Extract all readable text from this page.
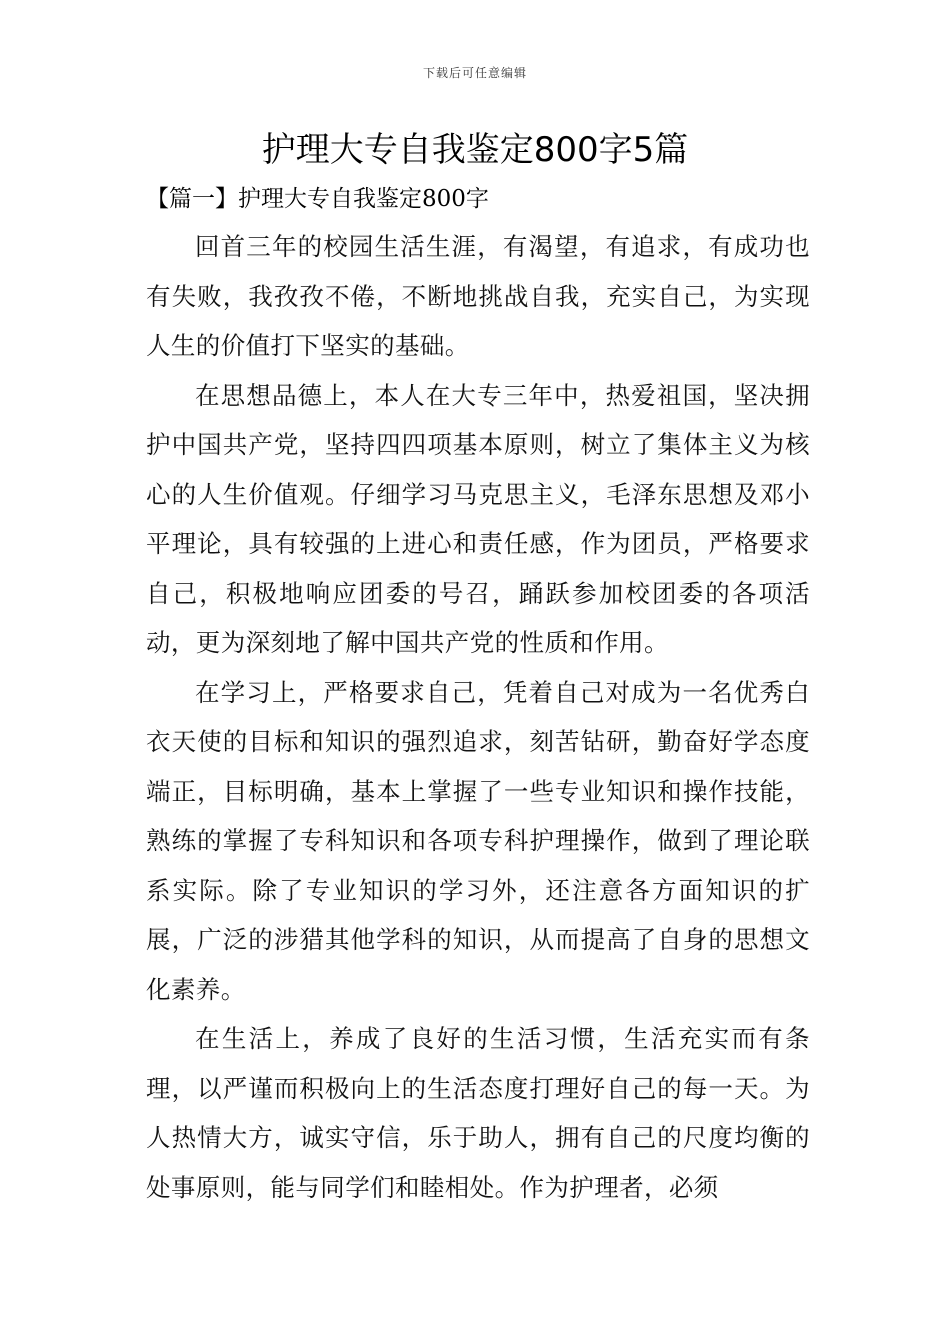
下载后可任意编辑
护理大专自我鉴定800字5篇
【篇一】护理大专自我鉴定800字

回首三年的校园生活生涯，有渴望，有追求，有成功也有失败，我孜孜不倦，不断地挑战自我，充实自己，为实现人生的价值打下坚实的基础。

在思想品德上，本人在大专三年中，热爱祖国，坚决拥护中国共产党，坚持四四项基本原则，树立了集体主义为核心的人生价值观。仔细学习马克思主义，毛泽东思想及邓小平理论，具有较强的上进心和责任感，作为团员，严格要求自己，积极地响应团委的号召，踊跃参加校团委的各项活动，更为深刻地了解中国共产党的性质和作用。

在学习上，严格要求自己，凭着自己对成为一名优秀白衣天使的目标和知识的强烈追求，刻苦钻研，勤奋好学态度端正，目标明确，基本上掌握了一些专业知识和操作技能，熟练的掌握了专科知识和各项专科护理操作，做到了理论联系实际。除了专业知识的学习外，还注意各方面知识的扩展，广泛的涉猎其他学科的知识，从而提高了自身的思想文化素养。

在生活上，养成了良好的生活习惯，生活充实而有条理，以严谨而积极向上的生活态度打理好自己的每一天。为人热情大方，诚实守信，乐于助人，拥有自己的尺度均衡的处事原则，能与同学们和睦相处。作为护理者，必须
